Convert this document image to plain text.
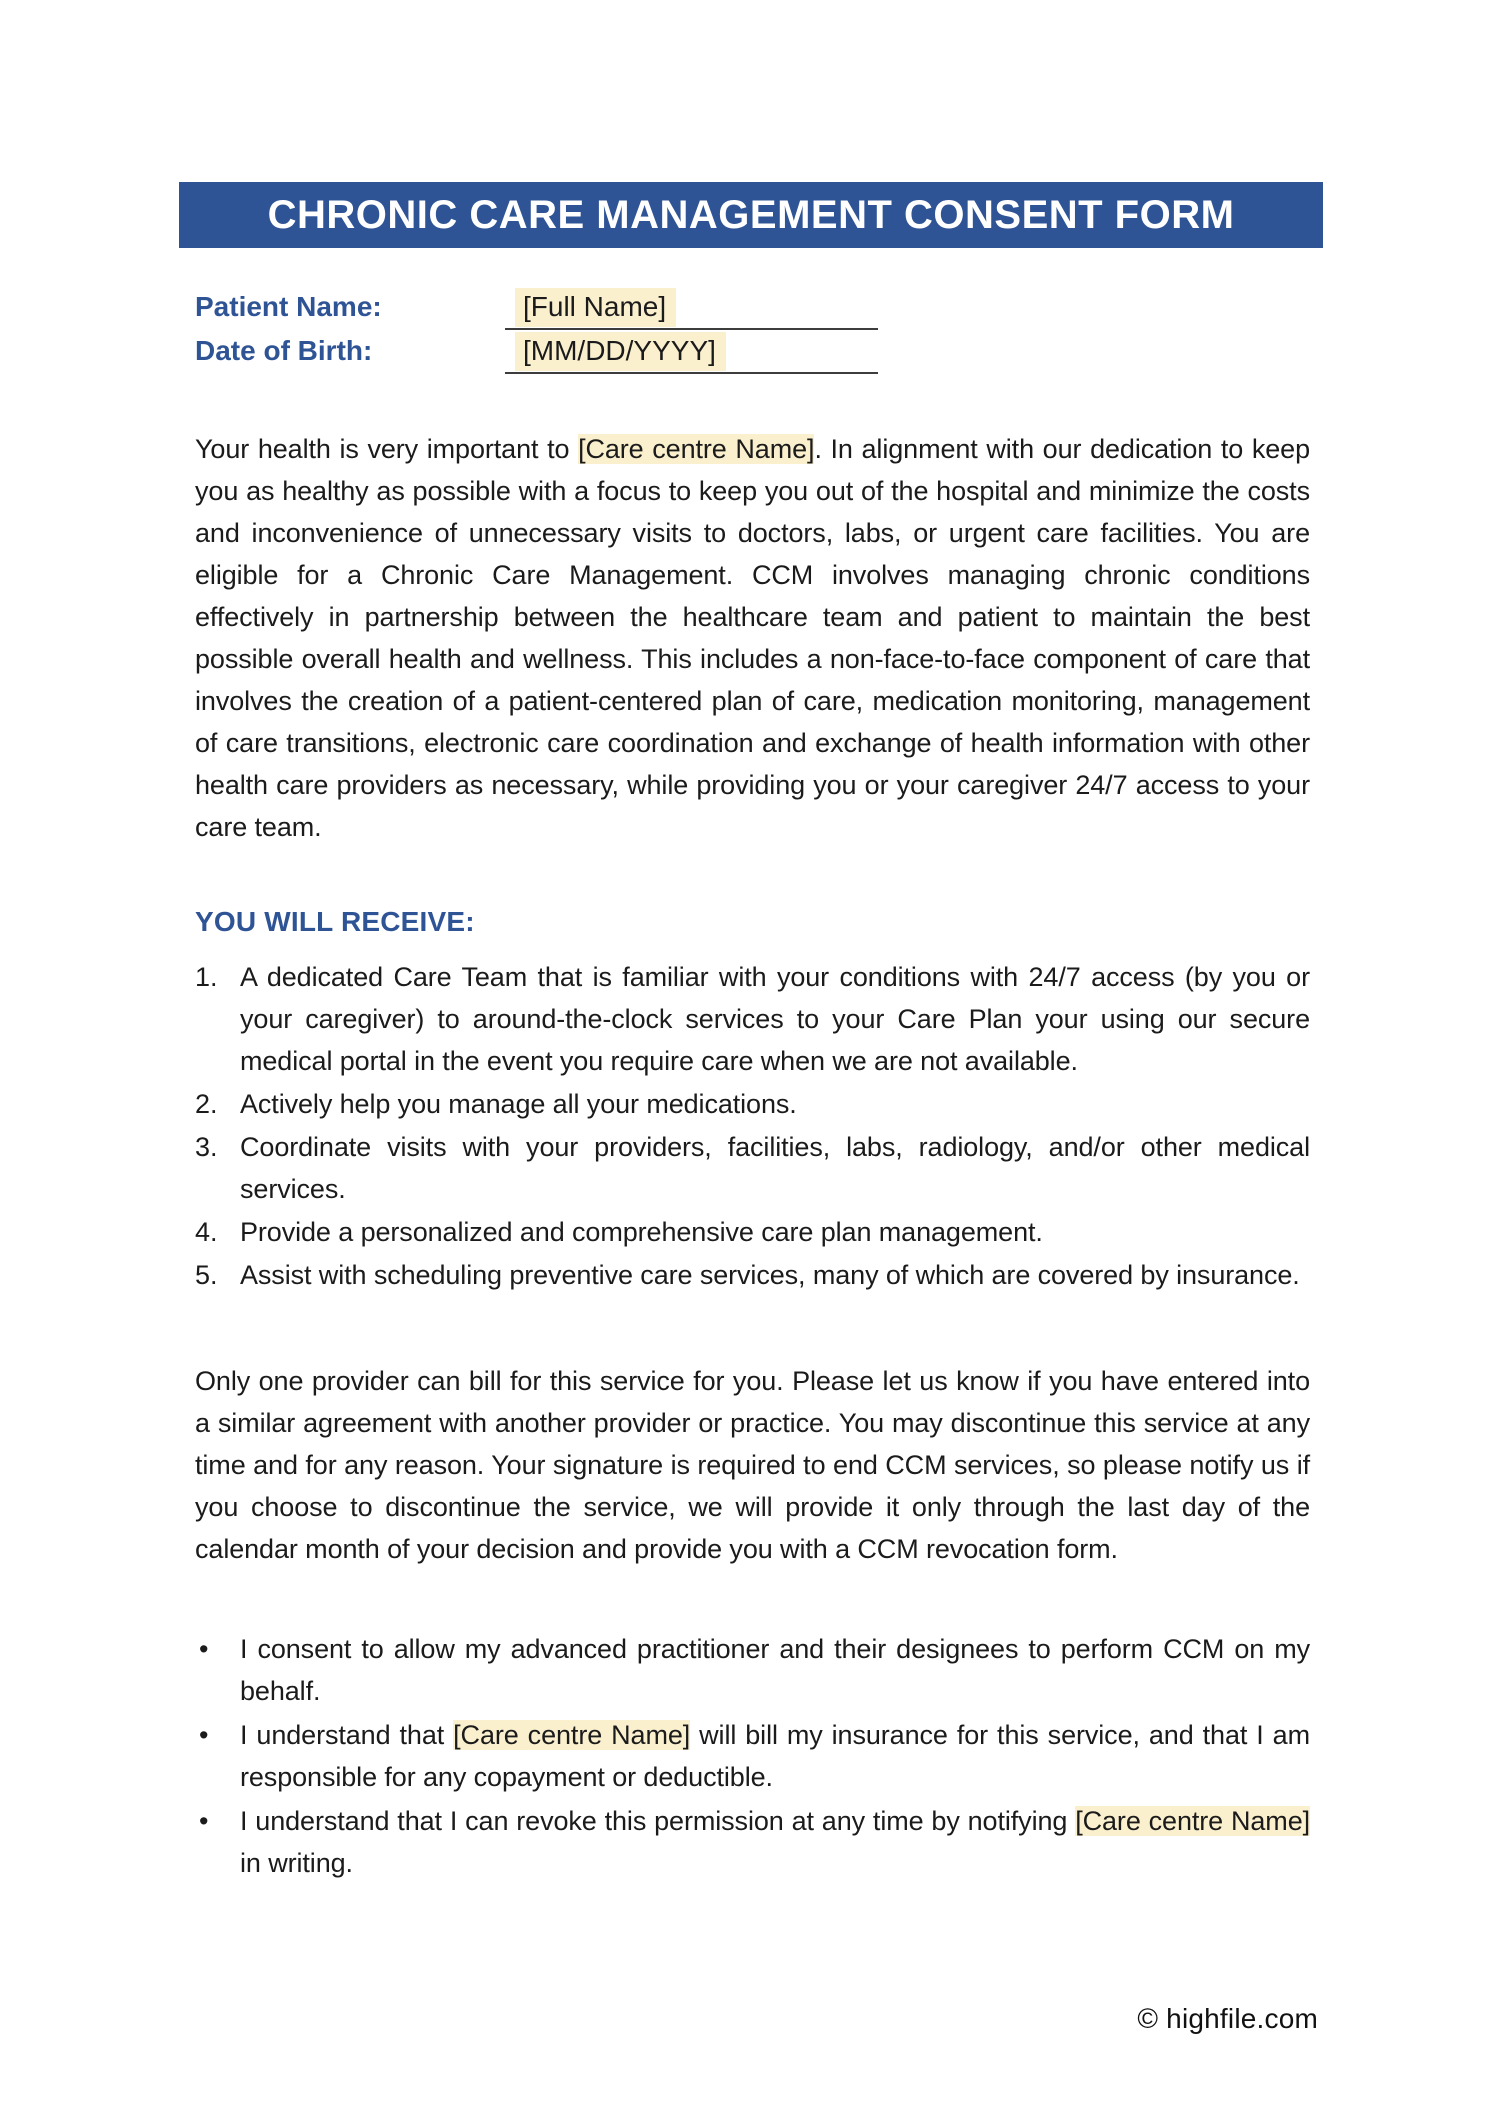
CHRONIC CARE MANAGEMENT CONSENT FORM
Patient Name:	[Full Name]
Date of Birth:	[MM/DD/YYYY]

Your health is very important to [Care centre Name]. In alignment with our dedication to keep you as healthy as possible with a focus to keep you out of the hospital and minimize the costs and inconvenience of unnecessary visits to doctors, labs, or urgent care facilities. You are eligible for a Chronic Care Management. CCM involves managing chronic conditions effectively in partnership between the healthcare team and patient to maintain the best possible overall health and wellness. This includes a non-face-to-face component of care that involves the creation of a patient-centered plan of care, medication monitoring, management of care transitions, electronic care coordination and exchange of health information with other health care providers as necessary, while providing you or your caregiver 24/7 access to your care team.

YOU WILL RECEIVE:
1. A dedicated Care Team that is familiar with your conditions with 24/7 access (by you or your caregiver) to around-the-clock services to your Care Plan your using our secure medical portal in the event you require care when we are not available.
2. Actively help you manage all your medications.
3. Coordinate visits with your providers, facilities, labs, radiology, and/or other medical services.
4. Provide a personalized and comprehensive care plan management.
5. Assist with scheduling preventive care services, many of which are covered by insurance.

Only one provider can bill for this service for you. Please let us know if you have entered into a similar agreement with another provider or practice. You may discontinue this service at any time and for any reason. Your signature is required to end CCM services, so please notify us if you choose to discontinue the service, we will provide it only through the last day of the calendar month of your decision and provide you with a CCM revocation form.

•	I consent to allow my advanced practitioner and their designees to perform CCM on my behalf.
•	I understand that [Care centre Name] will bill my insurance for this service, and that I am responsible for any copayment or deductible.
•	I understand that I can revoke this permission at any time by notifying [Care centre Name] in writing.
© highfile.com
